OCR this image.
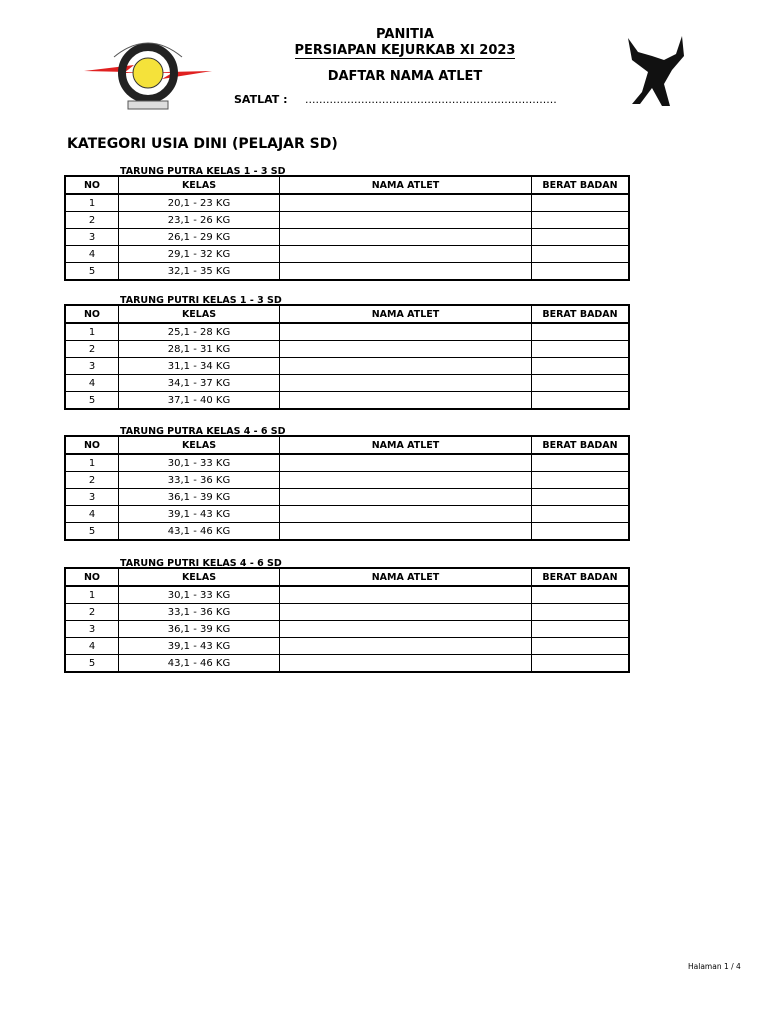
PANITIA
PERSIAPAN KEJURKAB XI 2023
DAFTAR NAMA ATLET
SATLAT : ........................................................................
KATEGORI USIA DINI (PELAJAR SD)
TARUNG PUTRA KELAS 1 - 3 SD
NO	KELAS	NAMA ATLET	BERAT BADAN
1	20,1 - 23 KG		
2	23,1 - 26 KG		
3	26,1 - 29 KG		
4	29,1 - 32 KG		
5	32,1 - 35 KG		
TARUNG PUTRI KELAS 1 - 3 SD
NO	KELAS	NAMA ATLET	BERAT BADAN
1	25,1 - 28 KG		
2	28,1 - 31 KG		
3	31,1 - 34 KG		
4	34,1 - 37 KG		
5	37,1 - 40 KG		
TARUNG PUTRA KELAS 4 - 6 SD
NO	KELAS	NAMA ATLET	BERAT BADAN
1	30,1 - 33 KG		
2	33,1 - 36 KG		
3	36,1 - 39 KG		
4	39,1 - 43 KG		
5	43,1 - 46 KG		
TARUNG PUTRI KELAS 4 - 6 SD
NO	KELAS	NAMA ATLET	BERAT BADAN
1	30,1 - 33 KG		
2	33,1 - 36 KG		
3	36,1 - 39 KG		
4	39,1 - 43 KG		
5	43,1 - 46 KG		
Halaman 1 / 4
